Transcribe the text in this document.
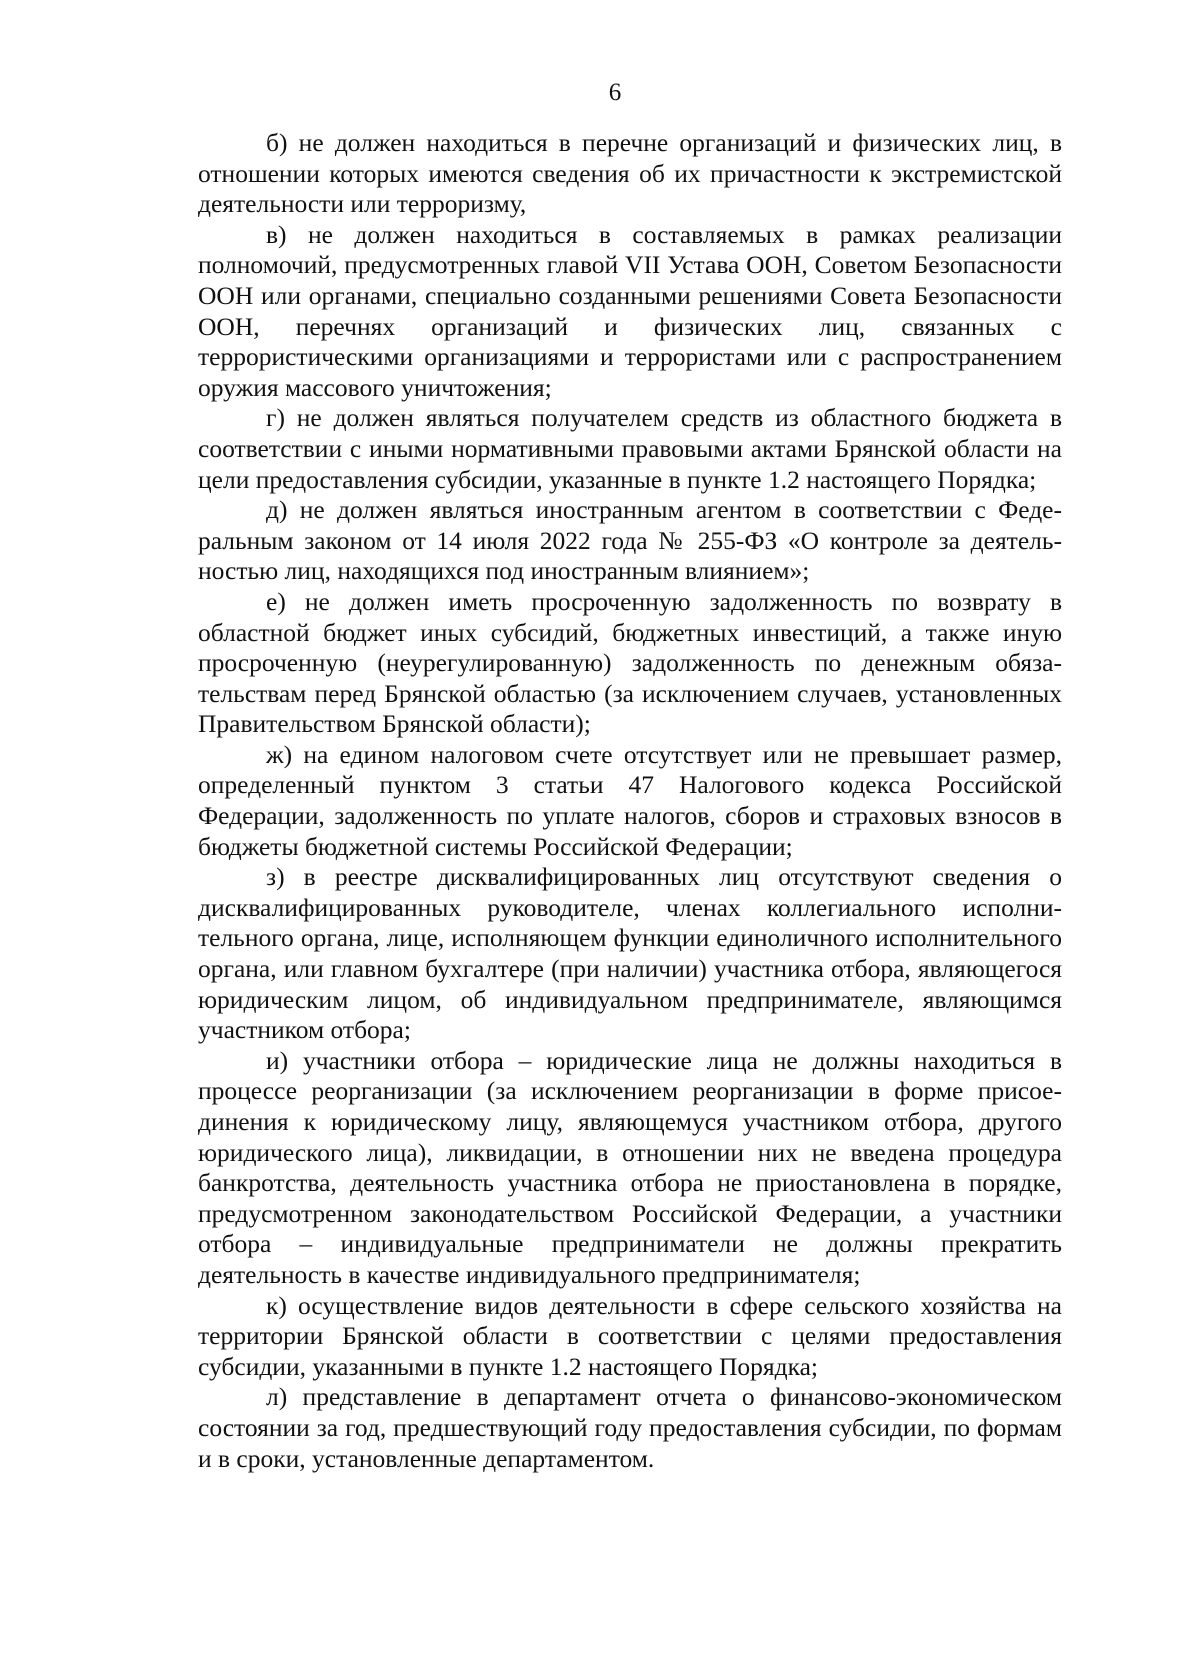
6

б) не должен находиться в перечне организаций и физических лиц, в отношении которых имеются сведения об их причастности к экстремистской деятельности или терроризму,

в) не должен находиться в составляемых в рамках реализации полномочий, предусмотренных главой VII Устава ООН, Советом Безопасности ООН или органами, специально созданными решениями Совета Безопасности ООН, перечнях организаций и физических лиц, связанных с террористическими организациями и террористами или с распространением оружия массового уничтожения;

г) не должен являться получателем средств из областного бюджета в соответствии с иными нормативными правовыми актами Брянской области на цели предоставления субсидии, указанные в пункте 1.2 настоящего Порядка;

д) не должен являться иностранным агентом в соответствии с Федеральным законом от 14 июля 2022 года № 255-ФЗ «О контроле за деятельностью лиц, находящихся под иностранным влиянием»;

е) не должен иметь просроченную задолженность по возврату в областной бюджет иных субсидий, бюджетных инвестиций, а также иную просроченную (неурегулированную) задолженность по денежным обязательствам перед Брянской областью (за исключением случаев, установленных Правительством Брянской области);

ж) на едином налоговом счете отсутствует или не превышает размер, определенный пунктом 3 статьи 47 Налогового кодекса Российской Федерации, задолженность по уплате налогов, сборов и страховых взносов в бюджеты бюджетной системы Российской Федерации;

з) в реестре дисквалифицированных лиц отсутствуют сведения о дисквалифицированных руководителе, членах коллегиального исполнительного органа, лице, исполняющем функции единоличного исполнительного органа, или главном бухгалтере (при наличии) участника отбора, являющегося юридическим лицом, об индивидуальном предпринимателе, являющимся участником отбора;

и) участники отбора – юридические лица не должны находиться в процессе реорганизации (за исключением реорганизации в форме присоединения к юридическому лицу, являющемуся участником отбора, другого юридического лица), ликвидации, в отношении них не введена процедура банкротства, деятельность участника отбора не приостановлена в порядке, предусмотренном законодательством Российской Федерации, а участники отбора – индивидуальные предприниматели не должны прекратить деятельность в качестве индивидуального предпринимателя;

к) осуществление видов деятельности в сфере сельского хозяйства на территории Брянской области в соответствии с целями предоставления субсидии, указанными в пункте 1.2 настоящего Порядка;

л) представление в департамент отчета о финансово-экономическом состоянии за год, предшествующий году предоставления субсидии, по формам и в сроки, установленные департаментом.
